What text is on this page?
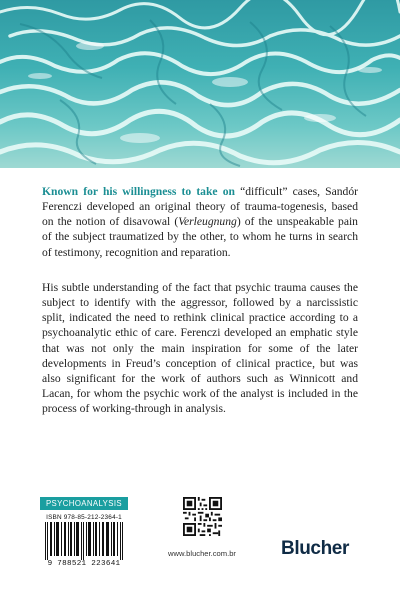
Known for his willingness to take on “difficult” cases, Sandór Ferenczi developed an original theory of trauma-togenesis, based on the notion of disavowal (Verleugnung) of the unspeakable pain of the subject traumatized by the other, to whom he turns in search of testimony, recognition and reparation.

His subtle understanding of the fact that psychic trauma causes the subject to identify with the aggressor, followed by a narcissistic split, indicated the need to rethink clinical practice according to a psychoanalytic ethic of care. Ferenczi developed an emphatic style that was not only the main inspiration for some of the later developments in Freud’s conception of clinical practice, but was also significant for the work of authors such as Winnicott and Lacan, for whom the psychic work of the analyst is included in the process of working-through in analysis.

PSYCHOANALYSIS
ISBN 978-85-212-2364-1
9 788521 223641
www.blucher.com.br	Blucher
